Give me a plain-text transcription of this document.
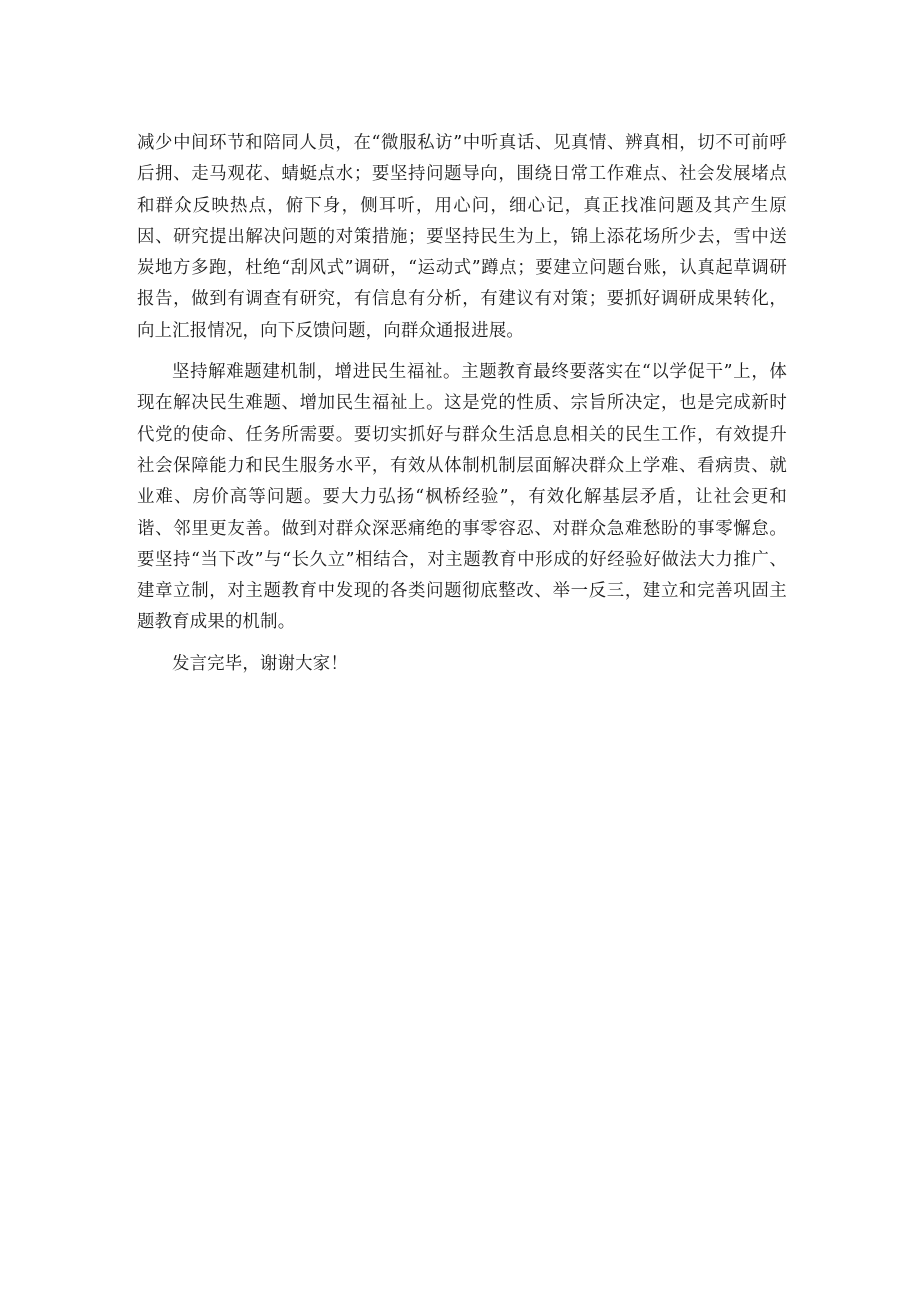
减少中间环节和陪同人员，在“微服私访”中听真话、见真情、辨真相，切不可前呼后拥、走马观花、蜻蜓点水；要坚持问题导向，围绕日常工作难点、社会发展堵点和群众反映热点，俯下身，侧耳听，用心问，细心记，真正找准问题及其产生原因、研究提出解决问题的对策措施；要坚持民生为上，锦上添花场所少去，雪中送炭地方多跑，杜绝“刮风式”调研，“运动式”蹲点；要建立问题台账，认真起草调研报告，做到有调查有研究，有信息有分析，有建议有对策；要抓好调研成果转化，向上汇报情况，向下反馈问题，向群众通报进展。

坚持解难题建机制，增进民生福祉。主题教育最终要落实在“以学促干”上，体现在解决民生难题、增加民生福祉上。这是党的性质、宗旨所决定，也是完成新时代党的使命、任务所需要。要切实抓好与群众生活息息相关的民生工作，有效提升社会保障能力和民生服务水平，有效从体制机制层面解决群众上学难、看病贵、就业难、房价高等问题。要大力弘扬“枫桥经验”，有效化解基层矛盾，让社会更和谐、邻里更友善。做到对群众深恶痛绝的事零容忍、对群众急难愁盼的事零懈怠。要坚持“当下改”与“长久立”相结合，对主题教育中形成的好经验好做法大力推广、建章立制，对主题教育中发现的各类问题彻底整改、举一反三，建立和完善巩固主题教育成果的机制。

发言完毕，谢谢大家！
